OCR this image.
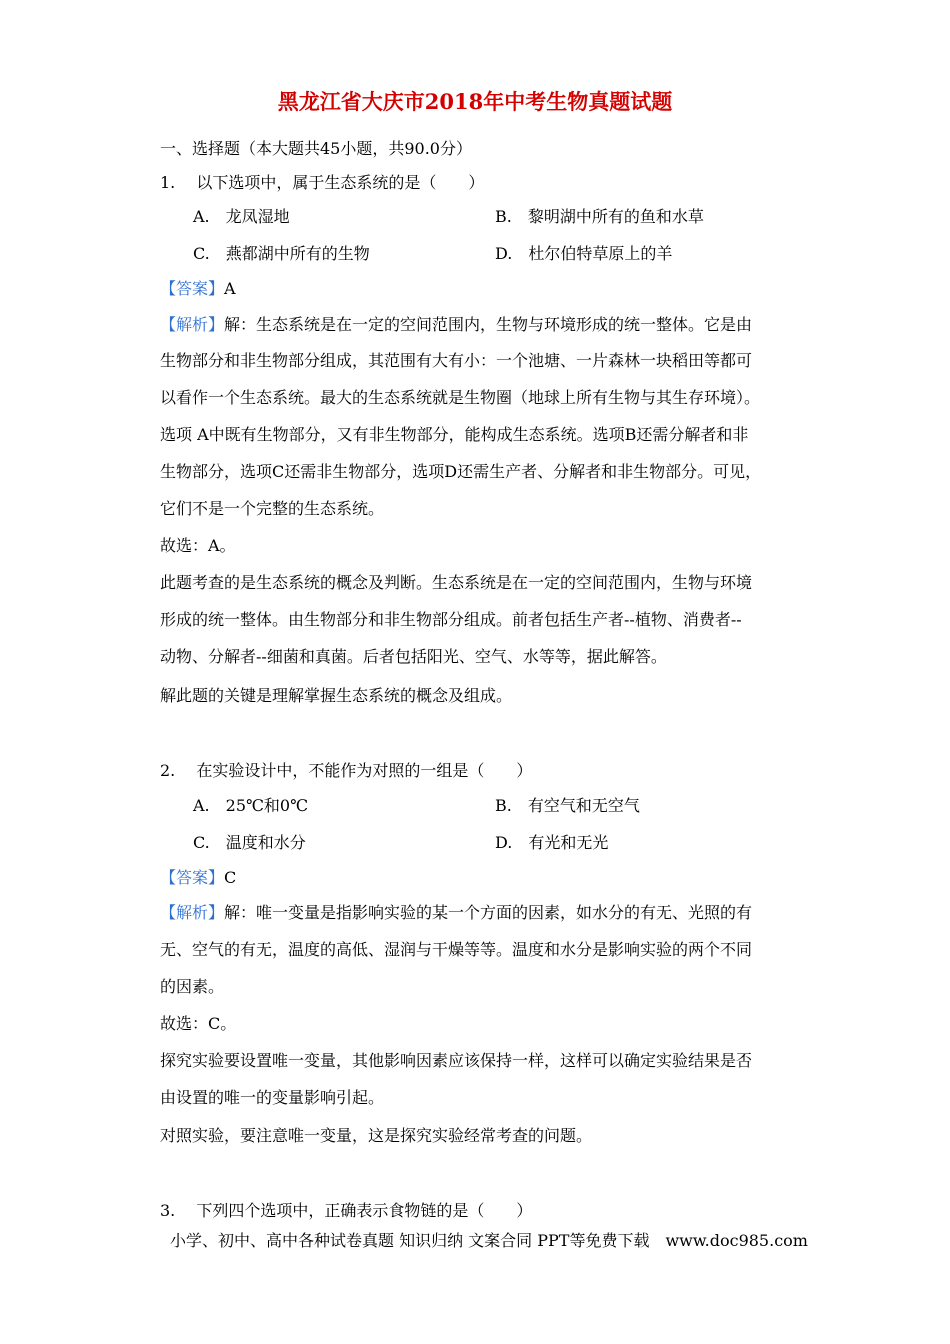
黑龙江省大庆市2018年中考生物真题试题
一、选择题（本大题共45小题，共90.0分）
1.　 以下选项中，属于生态系统的是（　　）
A.　龙凤湿地	B.　黎明湖中所有的鱼和水草
C.　燕都湖中所有的生物	D.　杜尔伯特草原上的羊
【答案】A
【解析】解：生态系统是在一定的空间范围内，生物与环境形成的统一整体。它是由
生物部分和非生物部分组成，其范围有大有小：一个池塘、一片森林一块稻田等都可
以看作一个生态系统。最大的生态系统就是生物圈（地球上所有生物与其生存环境）。
选项 A中既有生物部分，又有非生物部分，能构成生态系统。选项B还需分解者和非
生物部分，选项C还需非生物部分，选项D还需生产者、分解者和非生物部分。可见，
它们不是一个完整的生态系统。
故选：A。
此题考查的是生态系统的概念及判断。生态系统是在一定的空间范围内，生物与环境
形成的统一整体。由生物部分和非生物部分组成。前者包括生产者--植物、消费者--
动物、分解者--细菌和真菌。后者包括阳光、空气、水等等，据此解答。
解此题的关键是理解掌握生态系统的概念及组成。
2.　 在实验设计中，不能作为对照的一组是（　　）
A.　25℃和0℃	B.　有空气和无空气
C.　温度和水分	D.　有光和无光
【答案】C
【解析】解：唯一变量是指影响实验的某一个方面的因素，如水分的有无、光照的有
无、空气的有无，温度的高低、湿润与干燥等等。温度和水分是影响实验的两个不同
的因素。
故选：C。
探究实验要设置唯一变量，其他影响因素应该保持一样，这样可以确定实验结果是否
由设置的唯一的变量影响引起。
对照实验，要注意唯一变量，这是探究实验经常考查的问题。
3.　 下列四个选项中，正确表示食物链的是（　　）
小学、初中、高中各种试卷真题 知识归纳 文案合同 PPT等免费下载　www.doc985.com
